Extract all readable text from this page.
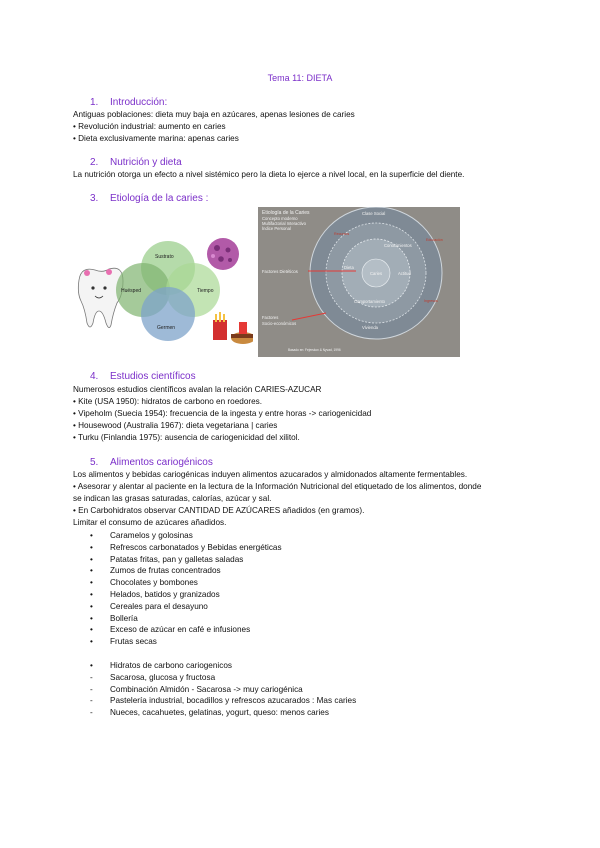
Tema 11: DIETA
1. Introducción:
Antiguas poblaciones: dieta muy baja en azúcares, apenas lesiones de caries
• Revolución industrial: aumento en caries
• Dieta exclusivamente marina: apenas caries
2. Nutrición y dieta
La nutrición otorga un efecto a nivel sistémico pero la dieta lo ejerce a nivel local, en la superficie del diente.
3. Etiología de la caries :
Sustrato
Huésped	Tiempo
Germen
Etiología de la Caries
Concepto moderno
Multifactorial Interactivo
Índice Personal
Caries
Clase Social
Educación
Ingresos
Conocimientos
Actitud
Comportamiento
Recursos
Vivienda
Factores Dietéticos
Dieta
Factores
Socio-económicos
Basado en: Fejerskov & Nyvad, 1996
4. Estudios científicos
Numerosos estudios científicos avalan la relación CARIES-AZUCAR
• Kite (USA 1950): hidratos de carbono en roedores.
• Vipeholm (Suecia 1954): frecuencia de la ingesta y entre horas -> cariogenicidad
• Housewood (Australia 1967): dieta vegetariana | caries
• Turku (Finlandia 1975): ausencia de cariogenicidad del xilitol.
5. Alimentos cariogénicos
Los alimentos y bebidas cariogénicas induyen alimentos azucarados y almidonados altamente fermentables.
• Asesorar y alentar al paciente en la lectura de la Información Nutricional del etiquetado de los alimentos, donde
se indican las grasas saturadas, calorías, azúcar y sal.
• En Carbohidratos observar CANTIDAD DE AZÚCARES añadidos (en gramos).
Limitar el consumo de azúcares añadidos.
•	Caramelos y golosinas
•	Refrescos carbonatados y Bebidas energéticas
•	Patatas fritas, pan y galletas saladas
•	Zumos de frutas concentrados
•	Chocolates y bombones
•	Helados, batidos y granizados
•	Cereales para el desayuno
•	Bollería
•	Exceso de azúcar en café e infusiones
•	Frutas secas
•	Hidratos de carbono cariogenicos
-	Sacarosa, glucosa y fructosa
-	Combinación Almidón - Sacarosa -> muy cariogénica
-	Pastelería industrial, bocadillos y refrescos azucarados : Mas caries
-	Nueces, cacahuetes, gelatinas, yogurt, queso: menos caries
